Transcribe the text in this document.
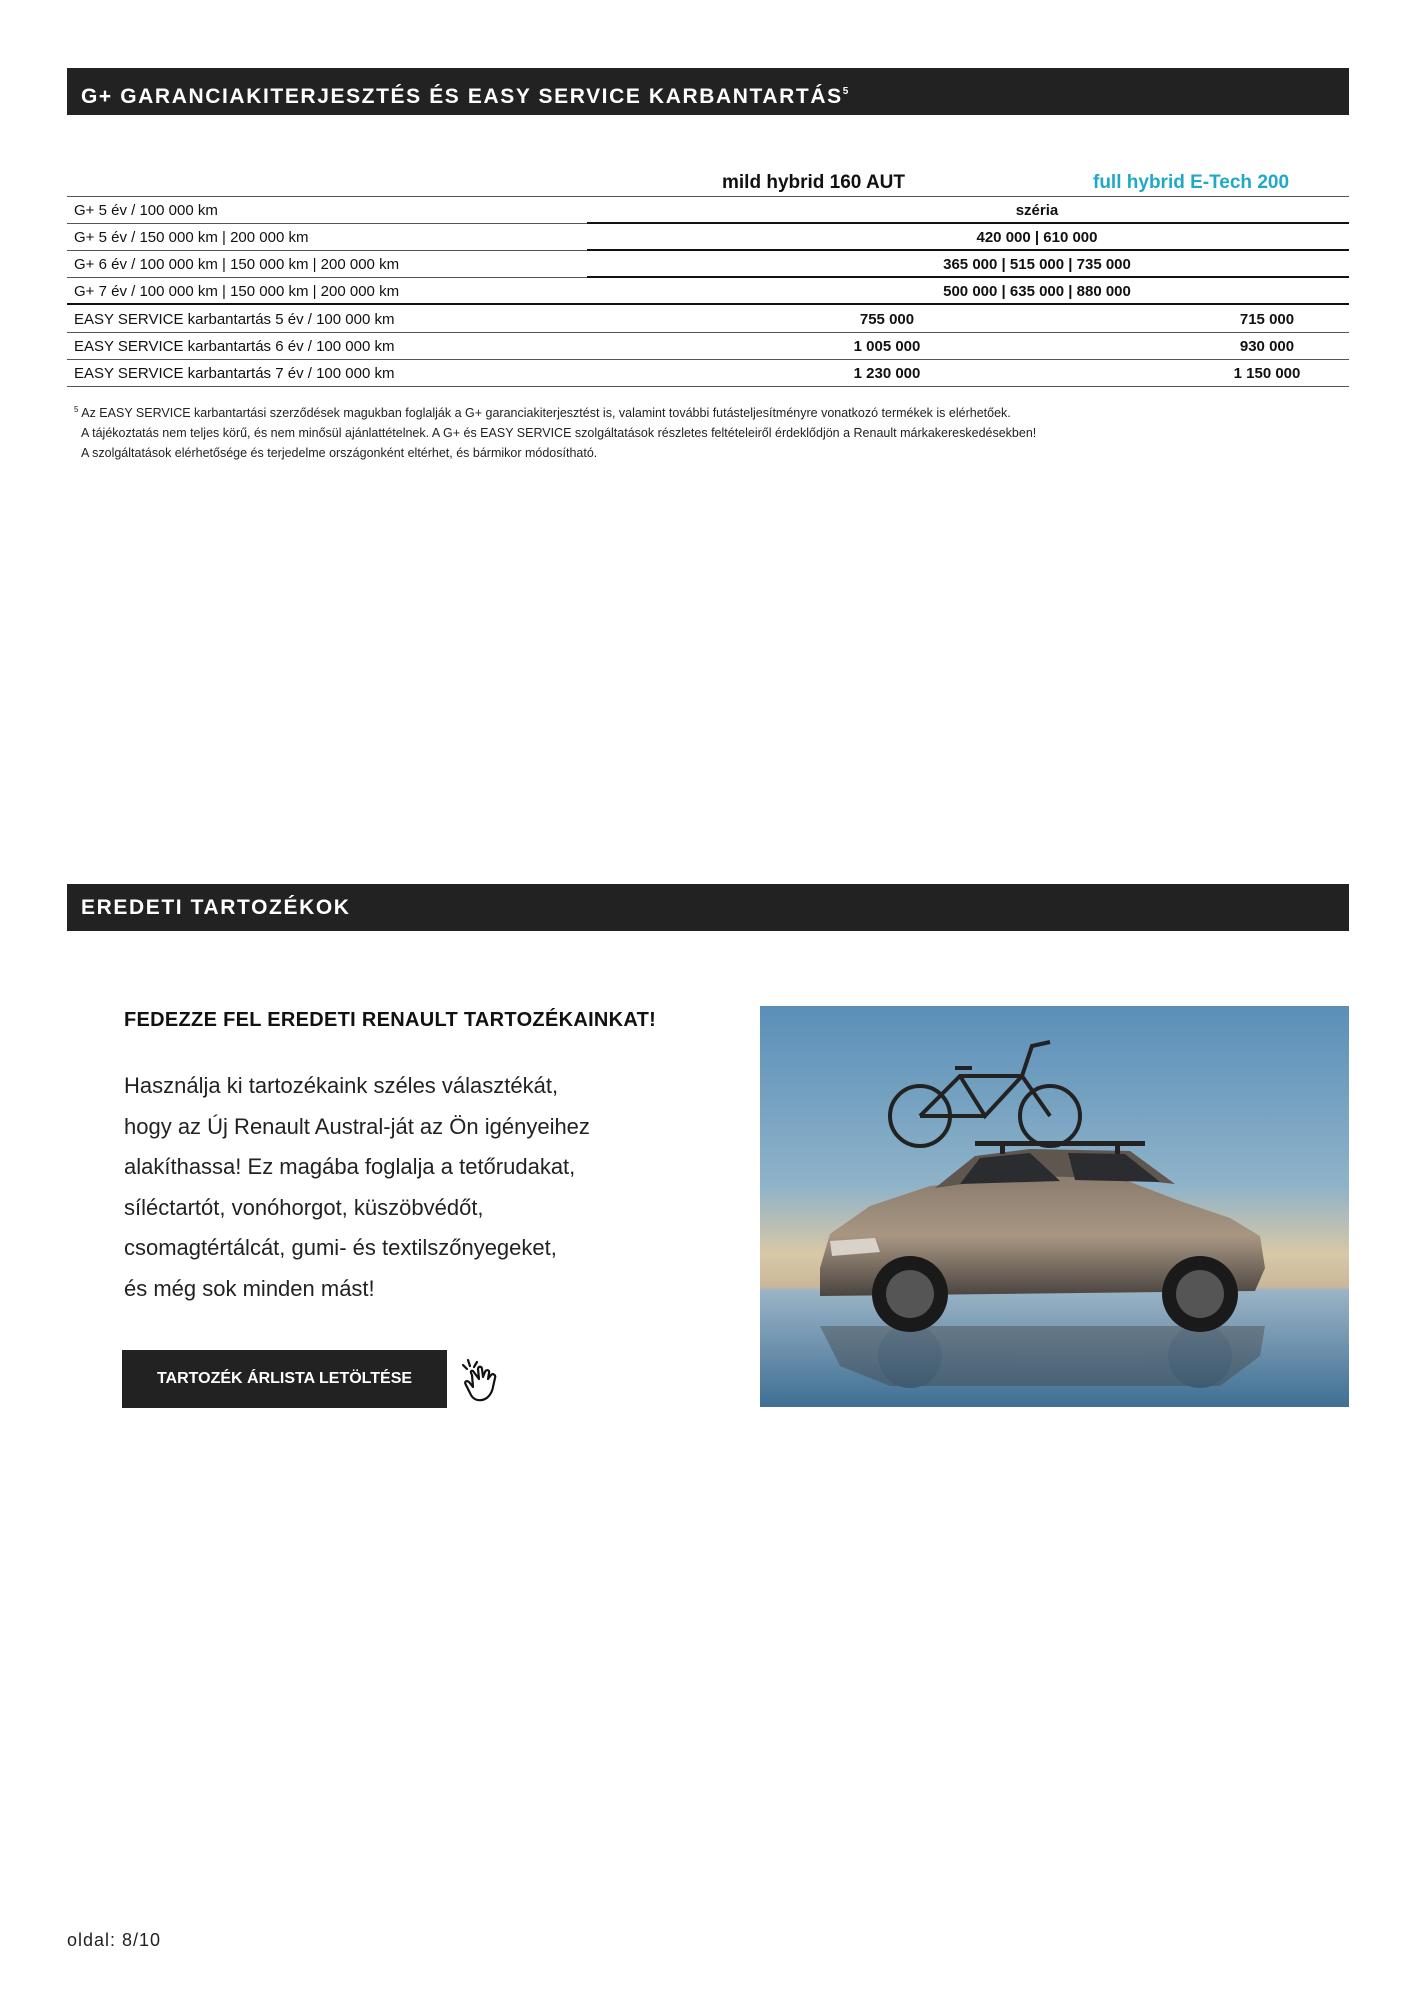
G+ GARANCIAKITERJESZTÉS ÉS EASY SERVICE KARBANTARTÁS$^5$
mild hybrid 160 AUT	full hybrid E-Tech 200
G+ 5 év / 100 000 km	széria
G+ 5 év / 150 000 km | 200 000 km	420 000 | 610 000
G+ 6 év / 100 000 km | 150 000 km | 200 000 km	365 000 | 515 000 | 735 000
G+ 7 év / 100 000 km | 150 000 km | 200 000 km	500 000 | 635 000 | 880 000
EASY SERVICE karbantartás 5 év / 100 000 km	755 000	715 000
EASY SERVICE karbantartás 6 év / 100 000 km	1 005 000	930 000
EASY SERVICE karbantartás 7 év / 100 000 km	1 230 000	1 150 000
$^5$ Az EASY SERVICE karbantartási szerződések magukban foglalják a G+ garanciakiterjesztést is, valamint további futásteljesítményre vonatkozó termékek is elérhetőek.
A tájékoztatás nem teljes körű, és nem minősül ajánlattételnek. A G+ és EASY SERVICE szolgáltatások részletes feltételeiről érdeklődjön a Renault márkakereskedésekben!
A szolgáltatások elérhetősége és terjedelme országonként eltérhet, és bármikor módosítható.
EREDETI TARTOZÉKOK
FEDEZZE FEL EREDETI RENAULT TARTOZÉKAINKAT!
Használja ki tartozékaink széles választékát,
hogy az Új Renault Austral-ját az Ön igényeihez
alakíthassa! Ez magába foglalja a tetőrudakat,
síléctartót, vonóhorgot, küszöbvédőt,
csomagtértálcát, gumi- és textilszőnyegeket,
és még sok minden mást!
TARTOZÉK ÁRLISTA LETÖLTÉSE
oldal: 8/10
